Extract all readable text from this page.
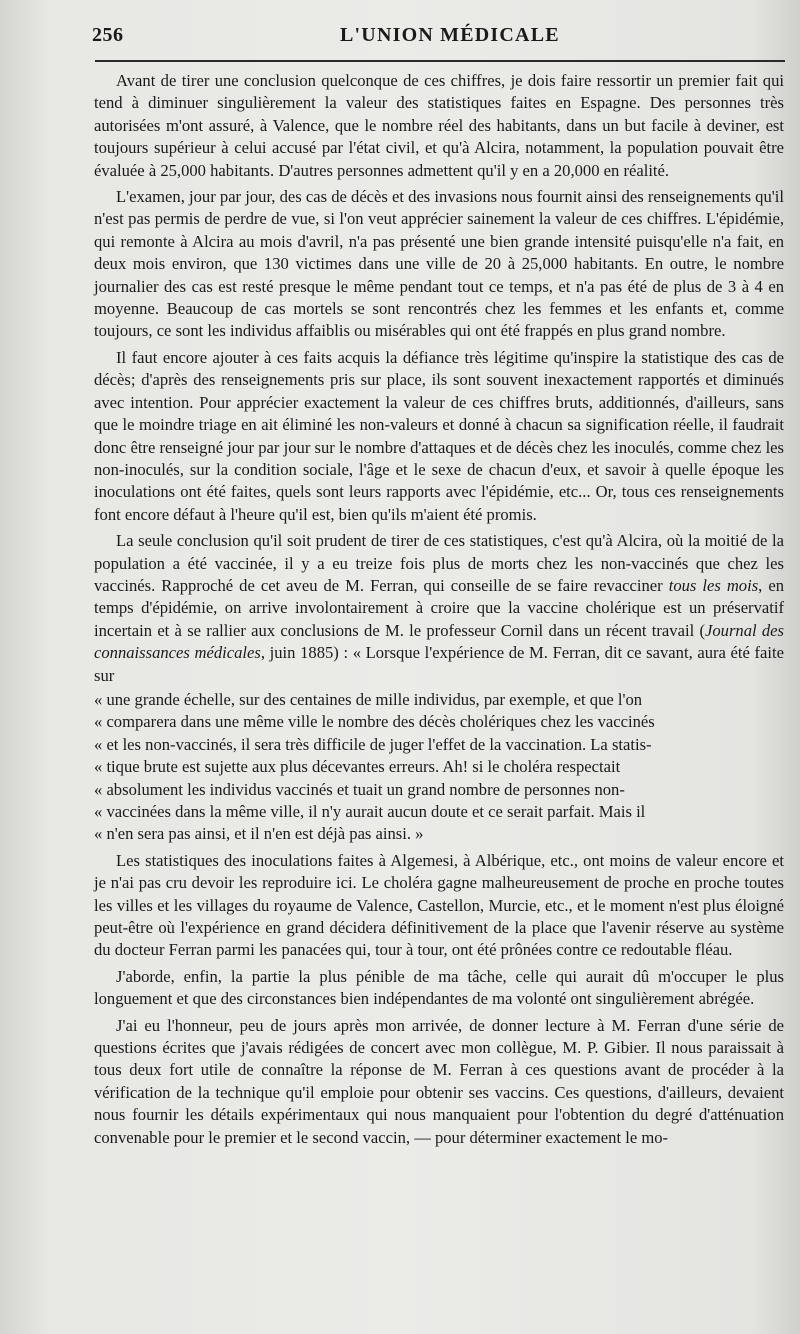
256	L'UNION MÉDICALE

Avant de tirer une conclusion quelconque de ces chiffres, je dois faire ressortir un premier fait qui tend à diminuer singulièrement la valeur des statistiques faites en Espagne. Des personnes très autorisées m'ont assuré, à Valence, que le nombre réel des habitants, dans un but facile à deviner, est toujours supérieur à celui accusé par l'état civil, et qu'à Alcira, notamment, la population pouvait être évaluée à 25,000 habitants. D'autres personnes admettent qu'il y en a 20,000 en réalité.

L'examen, jour par jour, des cas de décès et des invasions nous fournit ainsi des renseignements qu'il n'est pas permis de perdre de vue, si l'on veut apprécier sainement la valeur de ces chiffres. L'épidémie, qui remonte à Alcira au mois d'avril, n'a pas présenté une bien grande intensité puisqu'elle n'a fait, en deux mois environ, que 130 victimes dans une ville de 20 à 25,000 habitants. En outre, le nombre journalier des cas est resté presque le même pendant tout ce temps, et n'a pas été de plus de 3 à 4 en moyenne. Beaucoup de cas mortels se sont rencontrés chez les femmes et les enfants et, comme toujours, ce sont les individus affaiblis ou misérables qui ont été frappés en plus grand nombre.

Il faut encore ajouter à ces faits acquis la défiance très légitime qu'inspire la statistique des cas de décès; d'après des renseignements pris sur place, ils sont souvent inexactement rapportés et diminués avec intention. Pour apprécier exactement la valeur de ces chiffres bruts, additionnés, d'ailleurs, sans que le moindre triage en ait éliminé les non-valeurs et donné à chacun sa signification réelle, il faudrait donc être renseigné jour par jour sur le nombre d'attaques et de décès chez les inoculés, comme chez les non-inoculés, sur la condition sociale, l'âge et le sexe de chacun d'eux, et savoir à quelle époque les inoculations ont été faites, quels sont leurs rapports avec l'épidémie, etc... Or, tous ces renseignements font encore défaut à l'heure qu'il est, bien qu'ils m'aient été promis.

La seule conclusion qu'il soit prudent de tirer de ces statistiques, c'est qu'à Alcira, où la moitié de la population a été vaccinée, il y a eu treize fois plus de morts chez les non-vaccinés que chez les vaccinés. Rapproché de cet aveu de M. Ferran, qui conseille de se faire revacciner tous les mois, en temps d'épidémie, on arrive involontairement à croire que la vaccine cholérique est un préservatif incertain et à se rallier aux conclusions de M. le professeur Cornil dans un récent travail (Journal des connaissances médicales, juin 1885) : « Lorsque l'expérience de M. Ferran, dit ce savant, aura été faite sur

« une grande échelle, sur des centaines de mille individus, par exemple, et que l'on

« comparera dans une même ville le nombre des décès cholériques chez les vaccinés

« et les non-vaccinés, il sera très difficile de juger l'effet de la vaccination. La statis-

« tique brute est sujette aux plus décevantes erreurs. Ah! si le choléra respectait

« absolument les individus vaccinés et tuait un grand nombre de personnes non-

« vaccinées dans la même ville, il n'y aurait aucun doute et ce serait parfait. Mais il

« n'en sera pas ainsi, et il n'en est déjà pas ainsi. »

Les statistiques des inoculations faites à Algemesi, à Albérique, etc., ont moins de valeur encore et je n'ai pas cru devoir les reproduire ici. Le choléra gagne malheureusement de proche en proche toutes les villes et les villages du royaume de Valence, Castellon, Murcie, etc., et le moment n'est plus éloigné peut-être où l'expérience en grand décidera définitivement de la place que l'avenir réserve au système du docteur Ferran parmi les panacées qui, tour à tour, ont été prônées contre ce redoutable fléau.

J'aborde, enfin, la partie la plus pénible de ma tâche, celle qui aurait dû m'occuper le plus longuement et que des circonstances bien indépendantes de ma volonté ont singulièrement abrégée.

J'ai eu l'honneur, peu de jours après mon arrivée, de donner lecture à M. Ferran d'une série de questions écrites que j'avais rédigées de concert avec mon collègue, M. P. Gibier. Il nous paraissait à tous deux fort utile de connaître la réponse de M. Ferran à ces questions avant de procéder à la vérification de la technique qu'il emploie pour obtenir ses vaccins. Ces questions, d'ailleurs, devaient nous fournir les détails expérimentaux qui nous manquaient pour l'obtention du degré d'atténuation convenable pour le premier et le second vaccin, — pour déterminer exactement le mo-
